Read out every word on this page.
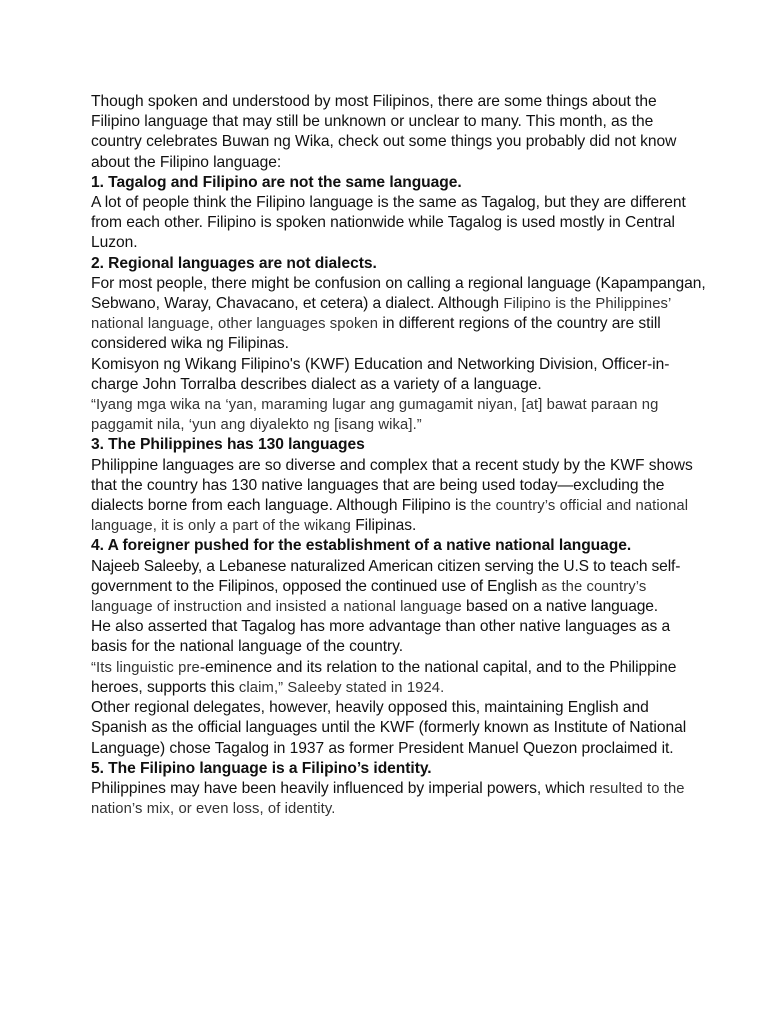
Though spoken and understood by most Filipinos, there are some things about the Filipino language that may still be unknown or unclear to many. This month, as the country celebrates Buwan ng Wika, check out some things you probably did not know about the Filipino language:

1. Tagalog and Filipino are not the same language.

A lot of people think the Filipino language is the same as Tagalog, but they are different from each other. Filipino is spoken nationwide while Tagalog is used mostly in Central Luzon.

2. Regional languages are not dialects.

For most people, there might be confusion on calling a regional language (Kapampangan, Sebwano, Waray, Chavacano, et cetera) a dialect. Although Filipino is the Philippines’ national language, other languages spoken in different regions of the country are still considered wika ng Filipinas.

Komisyon ng Wikang Filipino's (KWF) Education and Networking Division, Officer-in-charge John Torralba describes dialect as a variety of a language.

“Iyang mga wika na ‘yan, maraming lugar ang gumagamit niyan, [at] bawat paraan ng paggamit nila, ‘yun ang diyalekto ng [isang wika].”

3. The Philippines has 130 languages

Philippine languages are so diverse and complex that a recent study by the KWF shows that the country has 130 native languages that are being used today—excluding the dialects borne from each language. Although Filipino is the country’s official and national language, it is only a part of the wikang Filipinas.

4. A foreigner pushed for the establishment of a native national language.

Najeeb Saleeby, a Lebanese naturalized American citizen serving the U.S to teach self-government to the Filipinos, opposed the continued use of English as the country’s language of instruction and insisted a national language based on a native language.

He also asserted that Tagalog has more advantage than other native languages as a basis for the national language of the country.

“Its linguistic pre-eminence and its relation to the national capital, and to the Philippine heroes, supports this claim,” Saleeby stated in 1924.

Other regional delegates, however, heavily opposed this, maintaining English and Spanish as the official languages until the KWF (formerly known as Institute of National Language) chose Tagalog in 1937 as former President Manuel Quezon proclaimed it.

5. The Filipino language is a Filipino’s identity.

Philippines may have been heavily influenced by imperial powers, which resulted to the nation’s mix, or even loss, of identity.
